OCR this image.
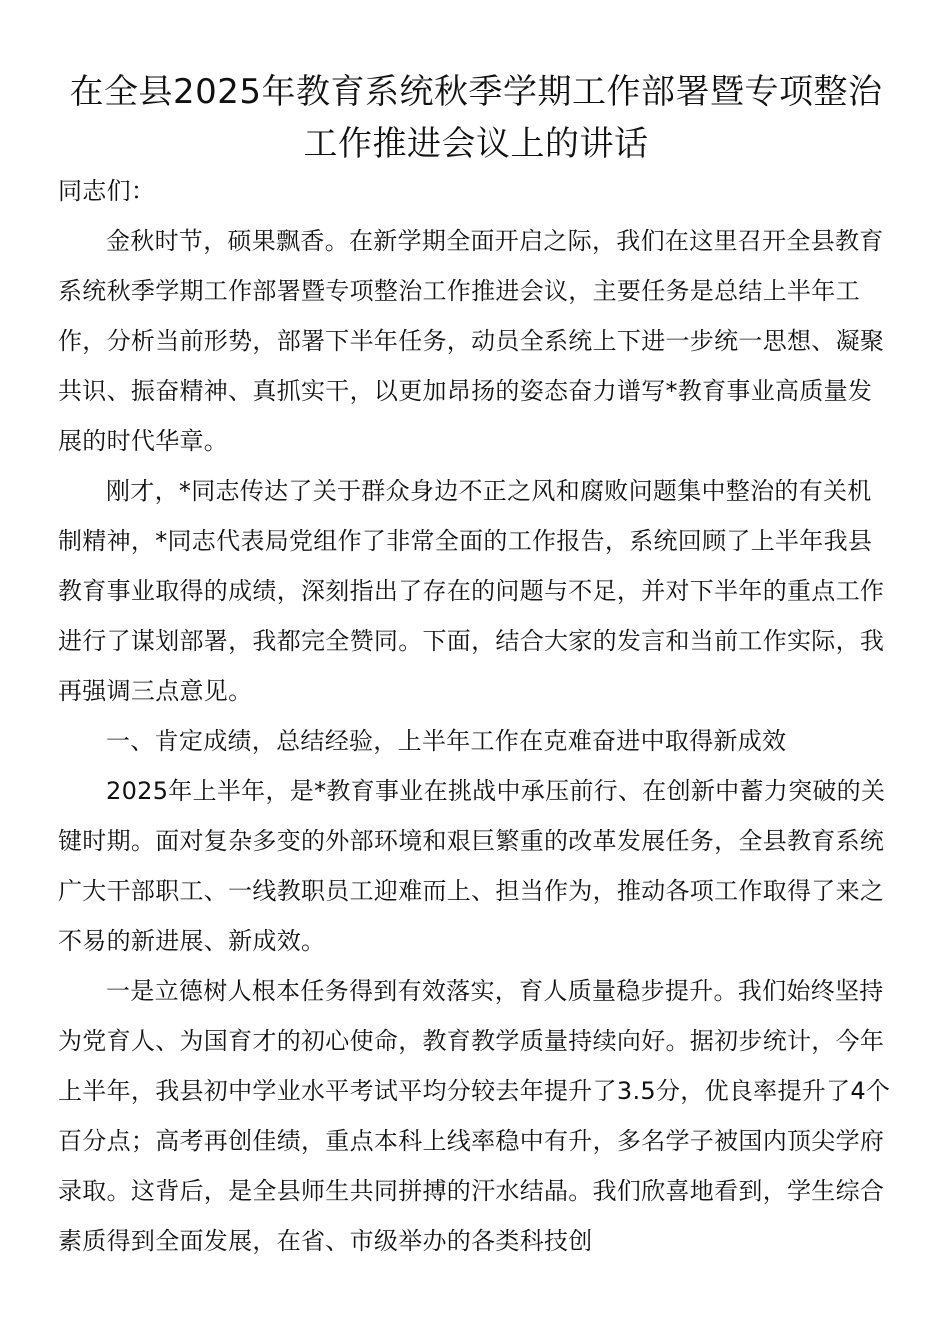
在全县2025年教育系统秋季学期工作部署暨专项整治工作推进会议上的讲话

同志们：

金秋时节，硕果飘香。在新学期全面开启之际，我们在这里召开全县教育系统秋季学期工作部署暨专项整治工作推进会议，主要任务是总结上半年工作，分析当前形势，部署下半年任务，动员全系统上下进一步统一思想、凝聚共识、振奋精神、真抓实干，以更加昂扬的姿态奋力谱写*教育事业高质量发展的时代华章。

刚才，*同志传达了关于群众身边不正之风和腐败问题集中整治的有关机制精神，*同志代表局党组作了非常全面的工作报告，系统回顾了上半年我县教育事业取得的成绩，深刻指出了存在的问题与不足，并对下半年的重点工作进行了谋划部署，我都完全赞同。下面，结合大家的发言和当前工作实际，我再强调三点意见。

一、肯定成绩，总结经验，上半年工作在克难奋进中取得新成效

2025年上半年，是*教育事业在挑战中承压前行、在创新中蓄力突破的关键时期。面对复杂多变的外部环境和艰巨繁重的改革发展任务，全县教育系统广大干部职工、一线教职员工迎难而上、担当作为，推动各项工作取得了来之不易的新进展、新成效。

一是立德树人根本任务得到有效落实，育人质量稳步提升。我们始终坚持为党育人、为国育才的初心使命，教育教学质量持续向好。据初步统计，今年上半年，我县初中学业水平考试平均分较去年提升了3.5分，优良率提升了4个百分点；高考再创佳绩，重点本科上线率稳中有升，多名学子被国内顶尖学府录取。这背后，是全县师生共同拼搏的汗水结晶。我们欣喜地看到，学生综合素质得到全面发展，在省、市级举办的各类科技创
